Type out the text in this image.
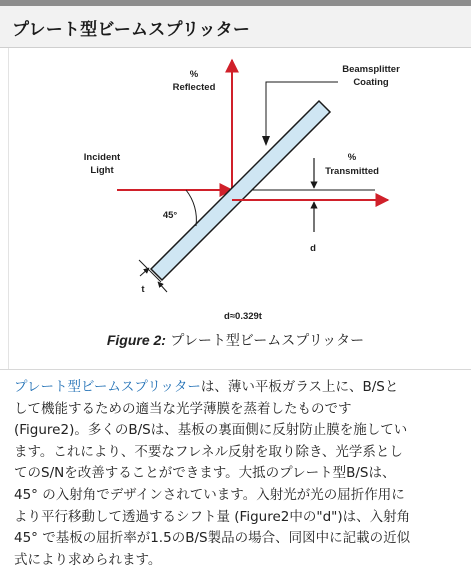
プレート型ビームスプリッター
%
Reflected
Beamsplitter
Coating
Incident
Light
%
Transmitted
45°
d
t
d≈0.329t
Figure 2: プレート型ビームスプリッター
プレート型ビームスプリッターは、薄い平板ガラス上に、B/Sと
して機能するための適当な光学薄膜を蒸着したものです
(Figure2)。多くのB/Sは、基板の裏面側に反射防止膜を施してい
ます。これにより、不要なフレネル反射を取り除き、光学系とし
てのS/Nを改善することができます。大抵のプレート型B/Sは、
45° の入射角でデザインされています。入射光が光の屈折作用に
より平行移動して透過するシフト量 (Figure2中の"d")は、入射角
45° で基板の屈折率が1.5のB/S製品の場合、同図中に記載の近似
式により求められます。
